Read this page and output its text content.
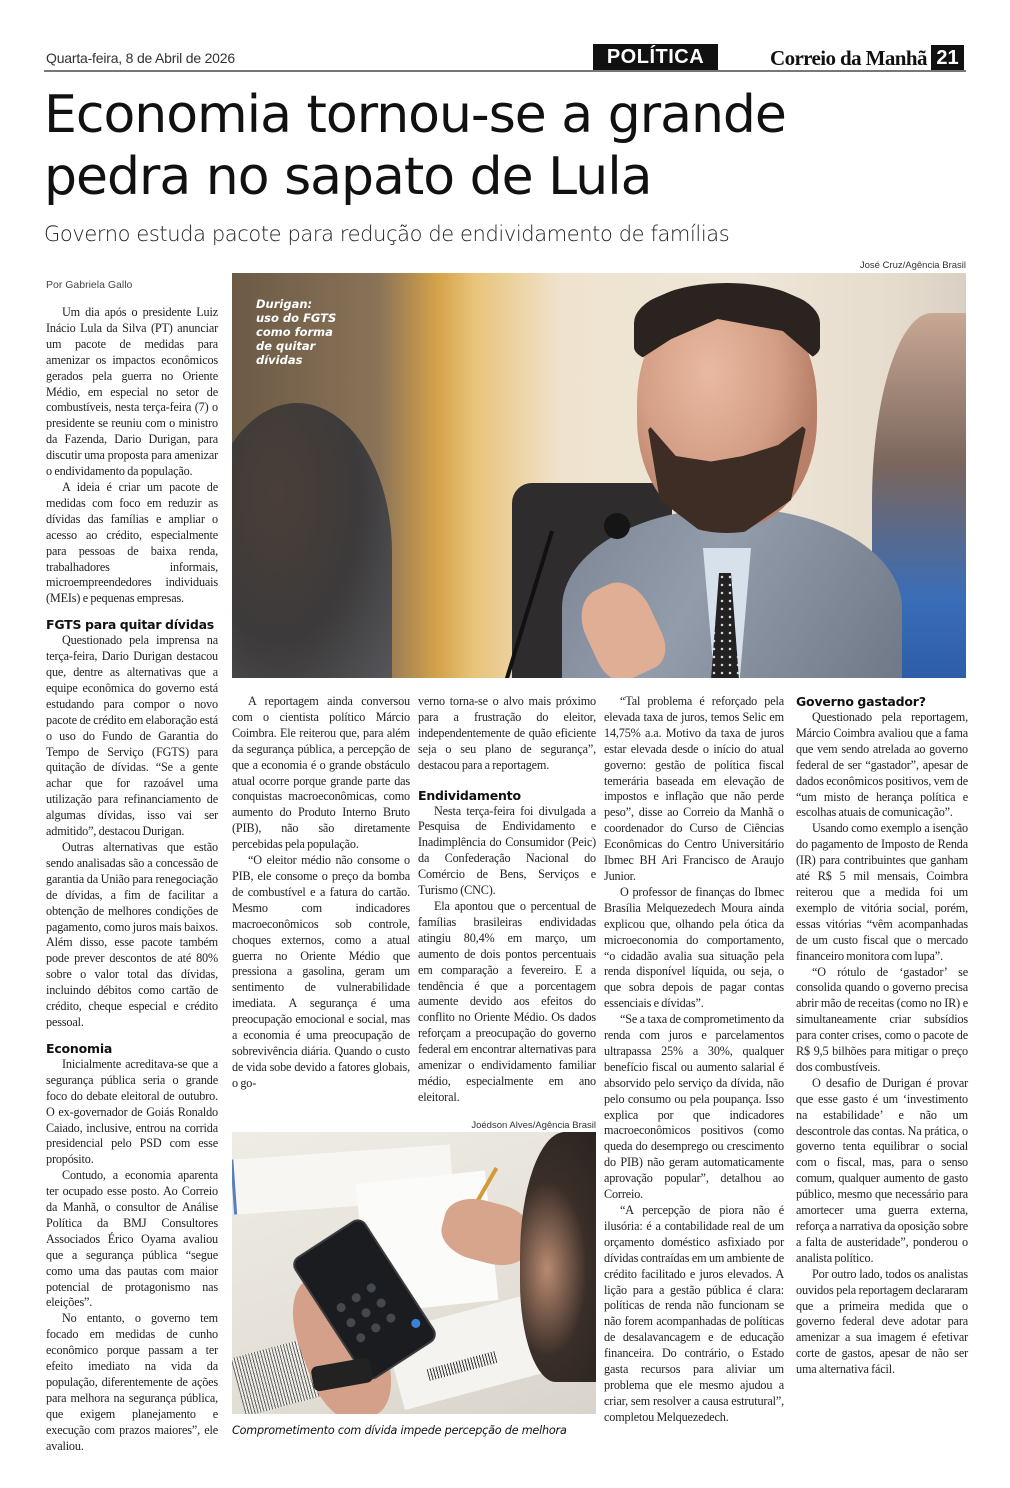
Quarta-feira, 8 de Abril de 2026	POLÍTICA	Correio da Manhã 21
Economia tornou-se a grande
pedra no sapato de Lula
Governo estuda pacote para redução de endividamento de famílias
Por Gabriela Gallo
José Cruz/Agência Brasil
Durigan:
uso do FGTS
como forma
de quitar
dívidas

Um dia após o presidente Luiz Inácio Lula da Silva (PT) anunciar um pacote de medidas para amenizar os impactos econômicos gerados pela guerra no Oriente Médio, em especial no setor de combustíveis, nesta terça-feira (7) o presidente se reuniu com o ministro da Fazenda, Dario Durigan, para discutir uma proposta para amenizar o endividamento da população.

A ideia é criar um pacote de medidas com foco em reduzir as dívidas das famílias e ampliar o acesso ao crédito, especialmente para pessoas de baixa renda, trabalhadores informais, microempreendedores individuais (MEIs) e pequenas empresas.

FGTS para quitar dívidas

Questionado pela imprensa na terça-feira, Dario Durigan destacou que, dentre as alternativas que a equipe econômica do governo está estudando para compor o novo pacote de crédito em elaboração está o uso do Fundo de Garantia do Tempo de Serviço (FGTS) para quitação de dívidas. “Se a gente achar que for razoável uma utilização para refinanciamento de algumas dívidas, isso vai ser admitido”, destacou Durigan.

Outras alternativas que estão sendo analisadas são a concessão de garantia da União para renegociação de dívidas, a fim de facilitar a obtenção de melhores condições de pagamento, como juros mais baixos. Além disso, esse pacote também pode prever descontos de até 80% sobre o valor total das dívidas, incluindo débitos como cartão de crédito, cheque especial e crédito pessoal.

Economia

Inicialmente acreditava-se que a segurança pública seria o grande foco do debate eleitoral de outubro. O ex-governador de Goiás Ronaldo Caiado, inclusive, entrou na corrida presidencial pelo PSD com esse propósito.

Contudo, a economia aparenta ter ocupado esse posto. Ao Correio da Manhã, o consultor de Análise Política da BMJ Consultores Associados Érico Oyama avaliou que a segurança pública “segue como uma das pautas com maior potencial de protagonismo nas eleições”.

No entanto, o governo tem focado em medidas de cunho econômico porque passam a ter efeito imediato na vida da população, diferentemente de ações para melhora na segurança pública, que exigem planejamento e execução com prazos maiores”, ele avaliou.

A reportagem ainda conversou com o cientista político Márcio Coimbra. Ele reiterou que, para além da segurança pública, a percepção de que a economia é o grande obstáculo atual ocorre porque grande parte das conquistas macroeconômicas, como aumento do Produto Interno Bruto (PIB), não são diretamente percebidas pela população.

“O eleitor médio não consome o PIB, ele consome o preço da bomba de combustível e a fatura do cartão. Mesmo com indicadores macroeconômicos sob controle, choques externos, como a atual guerra no Oriente Médio que pressiona a gasolina, geram um sentimento de vulnerabilidade imediata. A segurança é uma preocupação emocional e social, mas a economia é uma preocupação de sobrevivência diária. Quando o custo de vida sobe devido a fatores globais, o go-

verno torna-se o alvo mais próximo para a frustração do eleitor, independentemente de quão eficiente seja o seu plano de segurança”, destacou para a reportagem.

Endividamento

Nesta terça-feira foi divulgada a Pesquisa de Endividamento e Inadimplência do Consumidor (Peic) da Confederação Nacional do Comércio de Bens, Serviços e Turismo (CNC).

Ela apontou que o percentual de famílias brasileiras endividadas atingiu 80,4% em março, um aumento de dois pontos percentuais em comparação a fevereiro. E a tendência é que a porcentagem aumente devido aos efeitos do conflito no Oriente Médio. Os dados reforçam a preocupação do governo federal em encontrar alternativas para amenizar o endividamento familiar médio, especialmente em ano eleitoral.

“Tal problema é reforçado pela elevada taxa de juros, temos Selic em 14,75% a.a. Motivo da taxa de juros estar elevada desde o início do atual governo: gestão de política fiscal temerária baseada em elevação de impostos e inflação que não perde peso”, disse ao Correio da Manhã o coordenador do Curso de Ciências Econômicas do Centro Universitário Ibmec BH Ari Francisco de Araujo Junior.

O professor de finanças do Ibmec Brasília Melquezedech Moura ainda explicou que, olhando pela ótica da microeconomia do comportamento, “o cidadão avalia sua situação pela renda disponível líquida, ou seja, o que sobra depois de pagar contas essenciais e dívidas”.

“Se a taxa de comprometimento da renda com juros e parcelamentos ultrapassa 25% a 30%, qualquer benefício fiscal ou aumento salarial é absorvido pelo serviço da dívida, não pelo consumo ou pela poupança. Isso explica por que indicadores macroeconômicos positivos (como queda do desemprego ou crescimento do PIB) não geram automaticamente aprovação popular”, detalhou ao Correio.

“A percepção de piora não é ilusória: é a contabilidade real de um orçamento doméstico asfixiado por dívidas contraídas em um ambiente de crédito facilitado e juros elevados. A lição para a gestão pública é clara: políticas de renda não funcionam se não forem acompanhadas de políticas de desalavancagem e de educação financeira. Do contrário, o Estado gasta recursos para aliviar um problema que ele mesmo ajudou a criar, sem resolver a causa estrutural”, completou Melquezedech.

Governo gastador?

Questionado pela reportagem, Márcio Coimbra avaliou que a fama que vem sendo atrelada ao governo federal de ser “gastador”, apesar de dados econômicos positivos, vem de “um misto de herança política e escolhas atuais de comunicação”.

Usando como exemplo a isenção do pagamento de Imposto de Renda (IR) para contribuintes que ganham até R$ 5 mil mensais, Coimbra reiterou que a medida foi um exemplo de vitória social, porém, essas vitórias “vêm acompanhadas de um custo fiscal que o mercado financeiro monitora com lupa”.

“O rótulo de ‘gastador’ se consolida quando o governo precisa abrir mão de receitas (como no IR) e simultaneamente criar subsídios para conter crises, como o pacote de R$ 9,5 bilhões para mitigar o preço dos combustíveis.

O desafio de Durigan é provar que esse gasto é um ‘investimento na estabilidade’ e não um descontrole das contas. Na prática, o governo tenta equilibrar o social com o fiscal, mas, para o senso comum, qualquer aumento de gasto público, mesmo que necessário para amortecer uma guerra externa, reforça a narrativa da oposição sobre a falta de austeridade”, ponderou o analista político.

Por outro lado, todos os analistas ouvidos pela reportagem declararam que a primeira medida que o governo federal deve adotar para amenizar a sua imagem é efetivar corte de gastos, apesar de não ser uma alternativa fácil.

Joédson Alves/Agência Brasil
Comprometimento com dívida impede percepção de melhora
